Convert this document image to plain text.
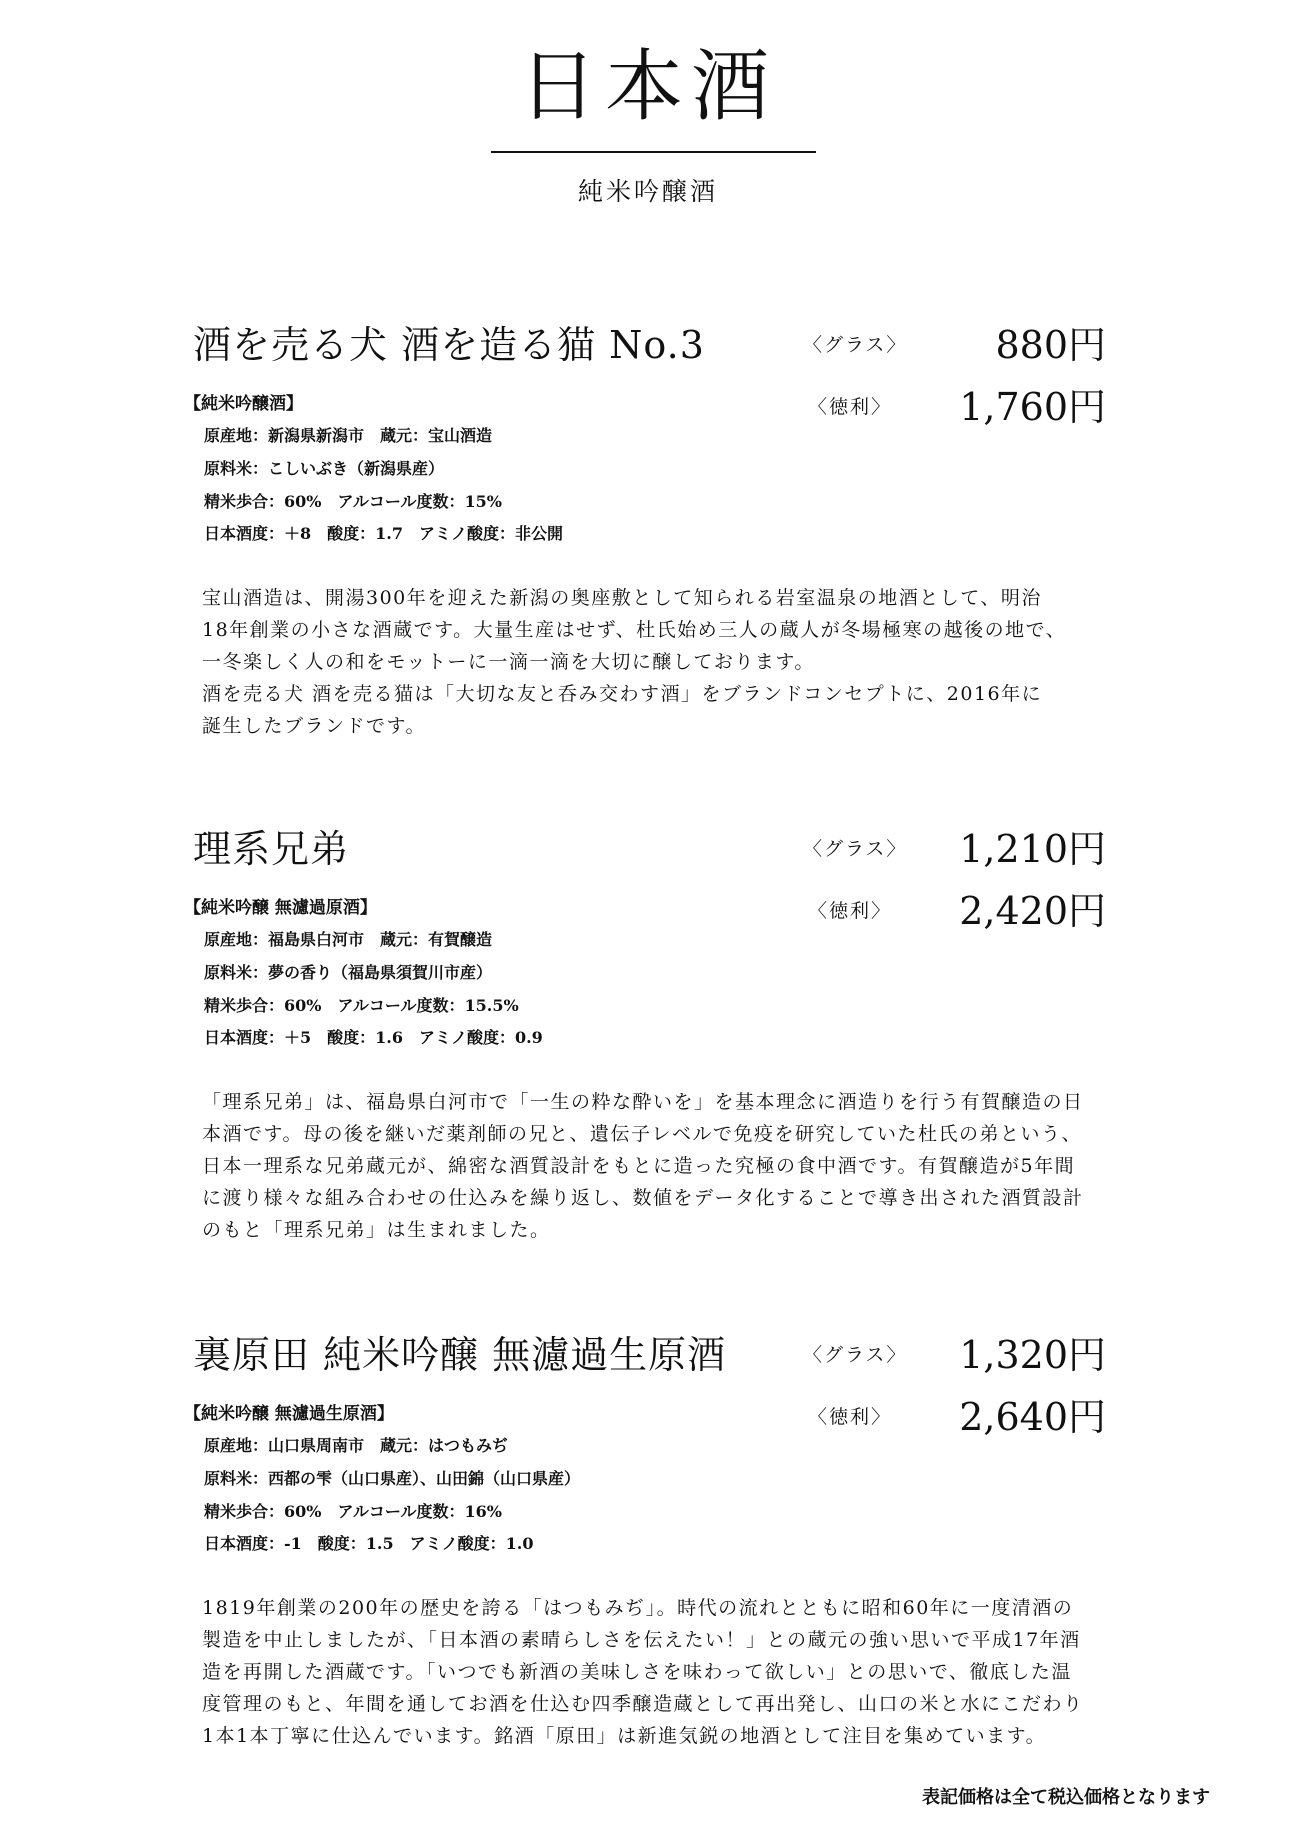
日本酒
純米吟醸酒
酒を売る犬 酒を造る猫 No.3	〈グラス〉 880円
【純米吟醸酒】	〈徳利〉 1,760円
原産地：新潟県新潟市　蔵元：宝山酒造
原料米：こしいぶき（新潟県産）
精米歩合：60%　アルコール度数：15%
日本酒度：＋8　酸度：1.7　アミノ酸度：非公開
宝山酒造は、開湯300年を迎えた新潟の奥座敷として知られる岩室温泉の地酒として、明治
18年創業の小さな酒蔵です。大量生産はせず、杜氏始め三人の蔵人が冬場極寒の越後の地で、
一冬楽しく人の和をモットーに一滴一滴を大切に醸しております。
酒を売る犬 酒を売る猫は「大切な友と呑み交わす酒」をブランドコンセプトに、2016年に
誕生したブランドです。
理系兄弟	〈グラス〉 1,210円
【純米吟醸 無濾過原酒】	〈徳利〉 2,420円
原産地：福島県白河市　蔵元：有賀醸造
原料米：夢の香り（福島県須賀川市産）
精米歩合：60%　アルコール度数：15.5%
日本酒度：＋5　酸度：1.6　アミノ酸度：0.9
「理系兄弟」は、福島県白河市で「一生の粋な酔いを」を基本理念に酒造りを行う有賀醸造の日
本酒です。母の後を継いだ薬剤師の兄と、遺伝子レベルで免疫を研究していた杜氏の弟という、
日本一理系な兄弟蔵元が、綿密な酒質設計をもとに造った究極の食中酒です。有賀醸造が5年間
に渡り様々な組み合わせの仕込みを繰り返し、数値をデータ化することで導き出された酒質設計
のもと「理系兄弟」は生まれました。
裏原田 純米吟醸 無濾過生原酒	〈グラス〉 1,320円
【純米吟醸 無濾過生原酒】	〈徳利〉 2,640円
原産地：山口県周南市　蔵元：はつもみぢ
原料米：西都の雫（山口県産）、山田錦（山口県産）
精米歩合：60%　アルコール度数：16%
日本酒度：-1　酸度：1.5　アミノ酸度：1.0
1819年創業の200年の歴史を誇る「はつもみぢ」。時代の流れとともに昭和60年に一度清酒の
製造を中止しましたが、「日本酒の素晴らしさを伝えたい！」との蔵元の強い思いで平成17年酒
造を再開した酒蔵です。「いつでも新酒の美味しさを味わって欲しい」との思いで、徹底した温
度管理のもと、年間を通してお酒を仕込む四季醸造蔵として再出発し、山口の米と水にこだわり
1本1本丁寧に仕込んでいます。銘酒「原田」は新進気鋭の地酒として注目を集めています。
表記価格は全て税込価格となります
